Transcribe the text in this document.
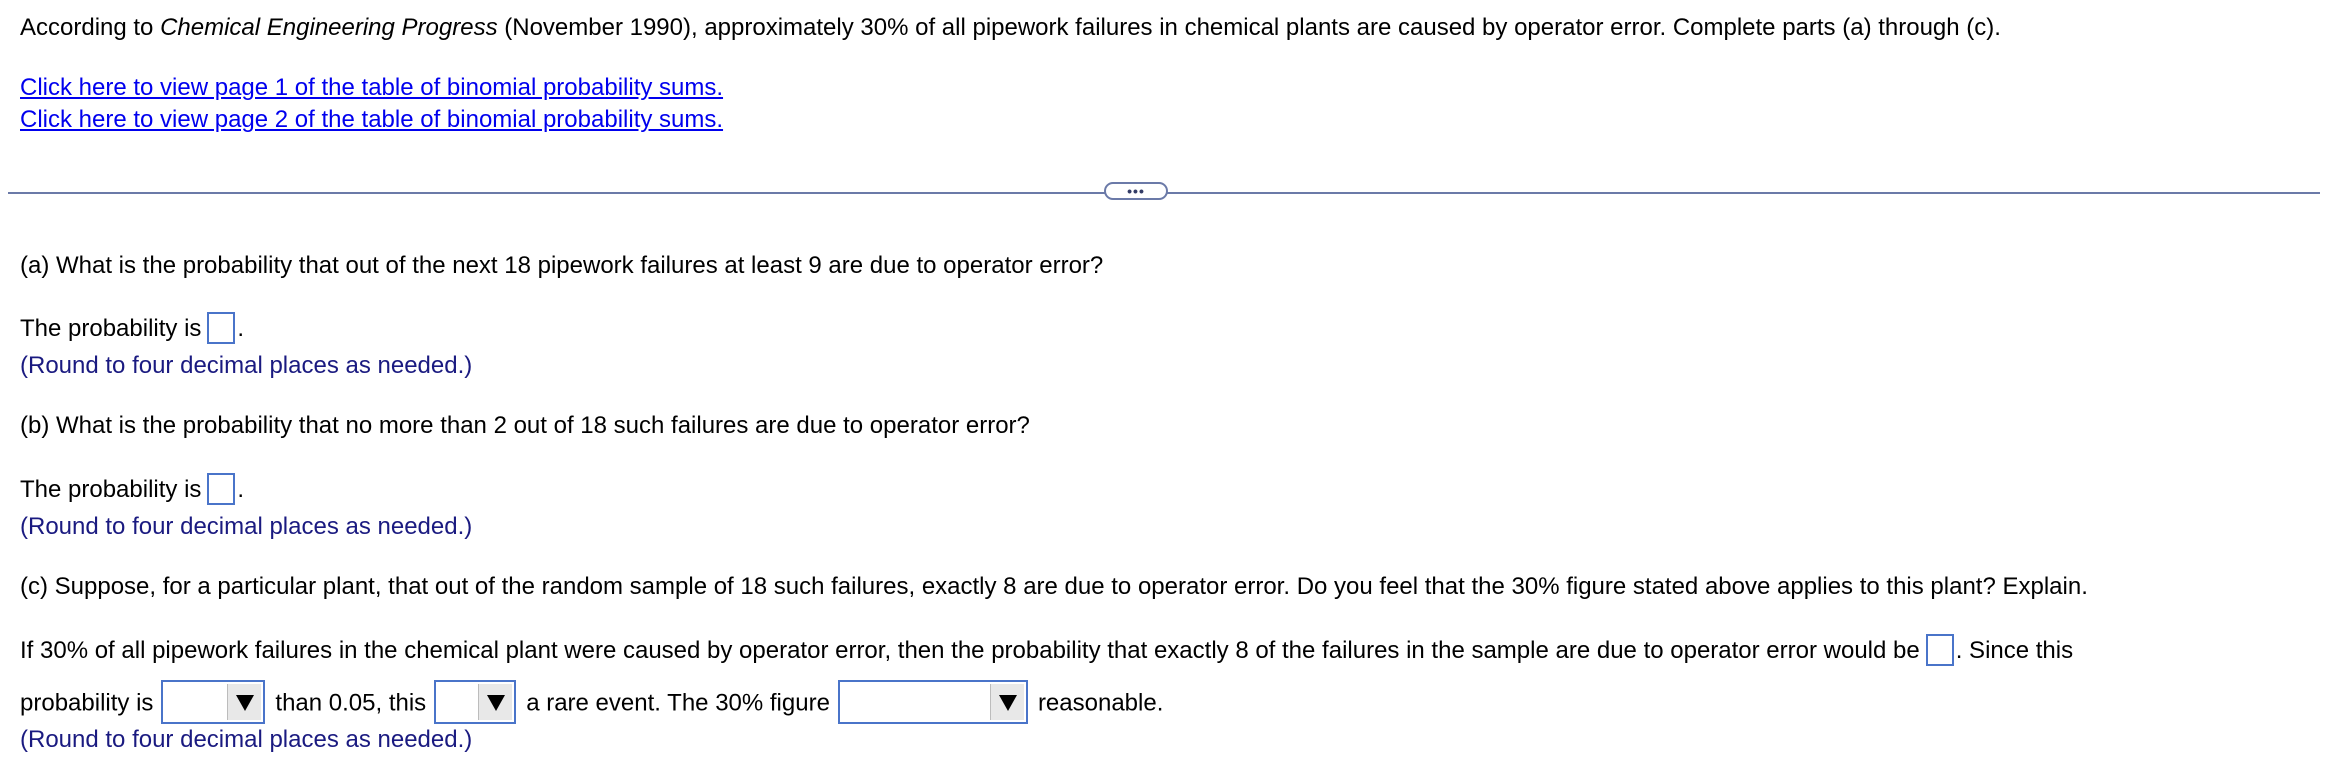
According to Chemical Engineering Progress (November 1990), approximately 30% of all pipework failures in chemical plants are caused by operator error. Complete parts (a) through (c).
Click here to view page 1 of the table of binomial probability sums.
Click here to view page 2 of the table of binomial probability sums.
•••
(a) What is the probability that out of the next 18 pipework failures at least 9 are due to operator error?
The probability is .
(Round to four decimal places as needed.)
(b) What is the probability that no more than 2 out of 18 such failures are due to operator error?
The probability is .
(Round to four decimal places as needed.)
(c) Suppose, for a particular plant, that out of the random sample of 18 such failures, exactly 8 are due to operator error. Do you feel that the 30% figure stated above applies to this plant? Explain.
If 30% of all pipework failures in the chemical plant were caused by operator error, then the probability that exactly 8 of the failures in the sample are due to operator error would be . Since this
probability is	than 0.05, this	a rare event. The 30% figure	reasonable.
(Round to four decimal places as needed.)
